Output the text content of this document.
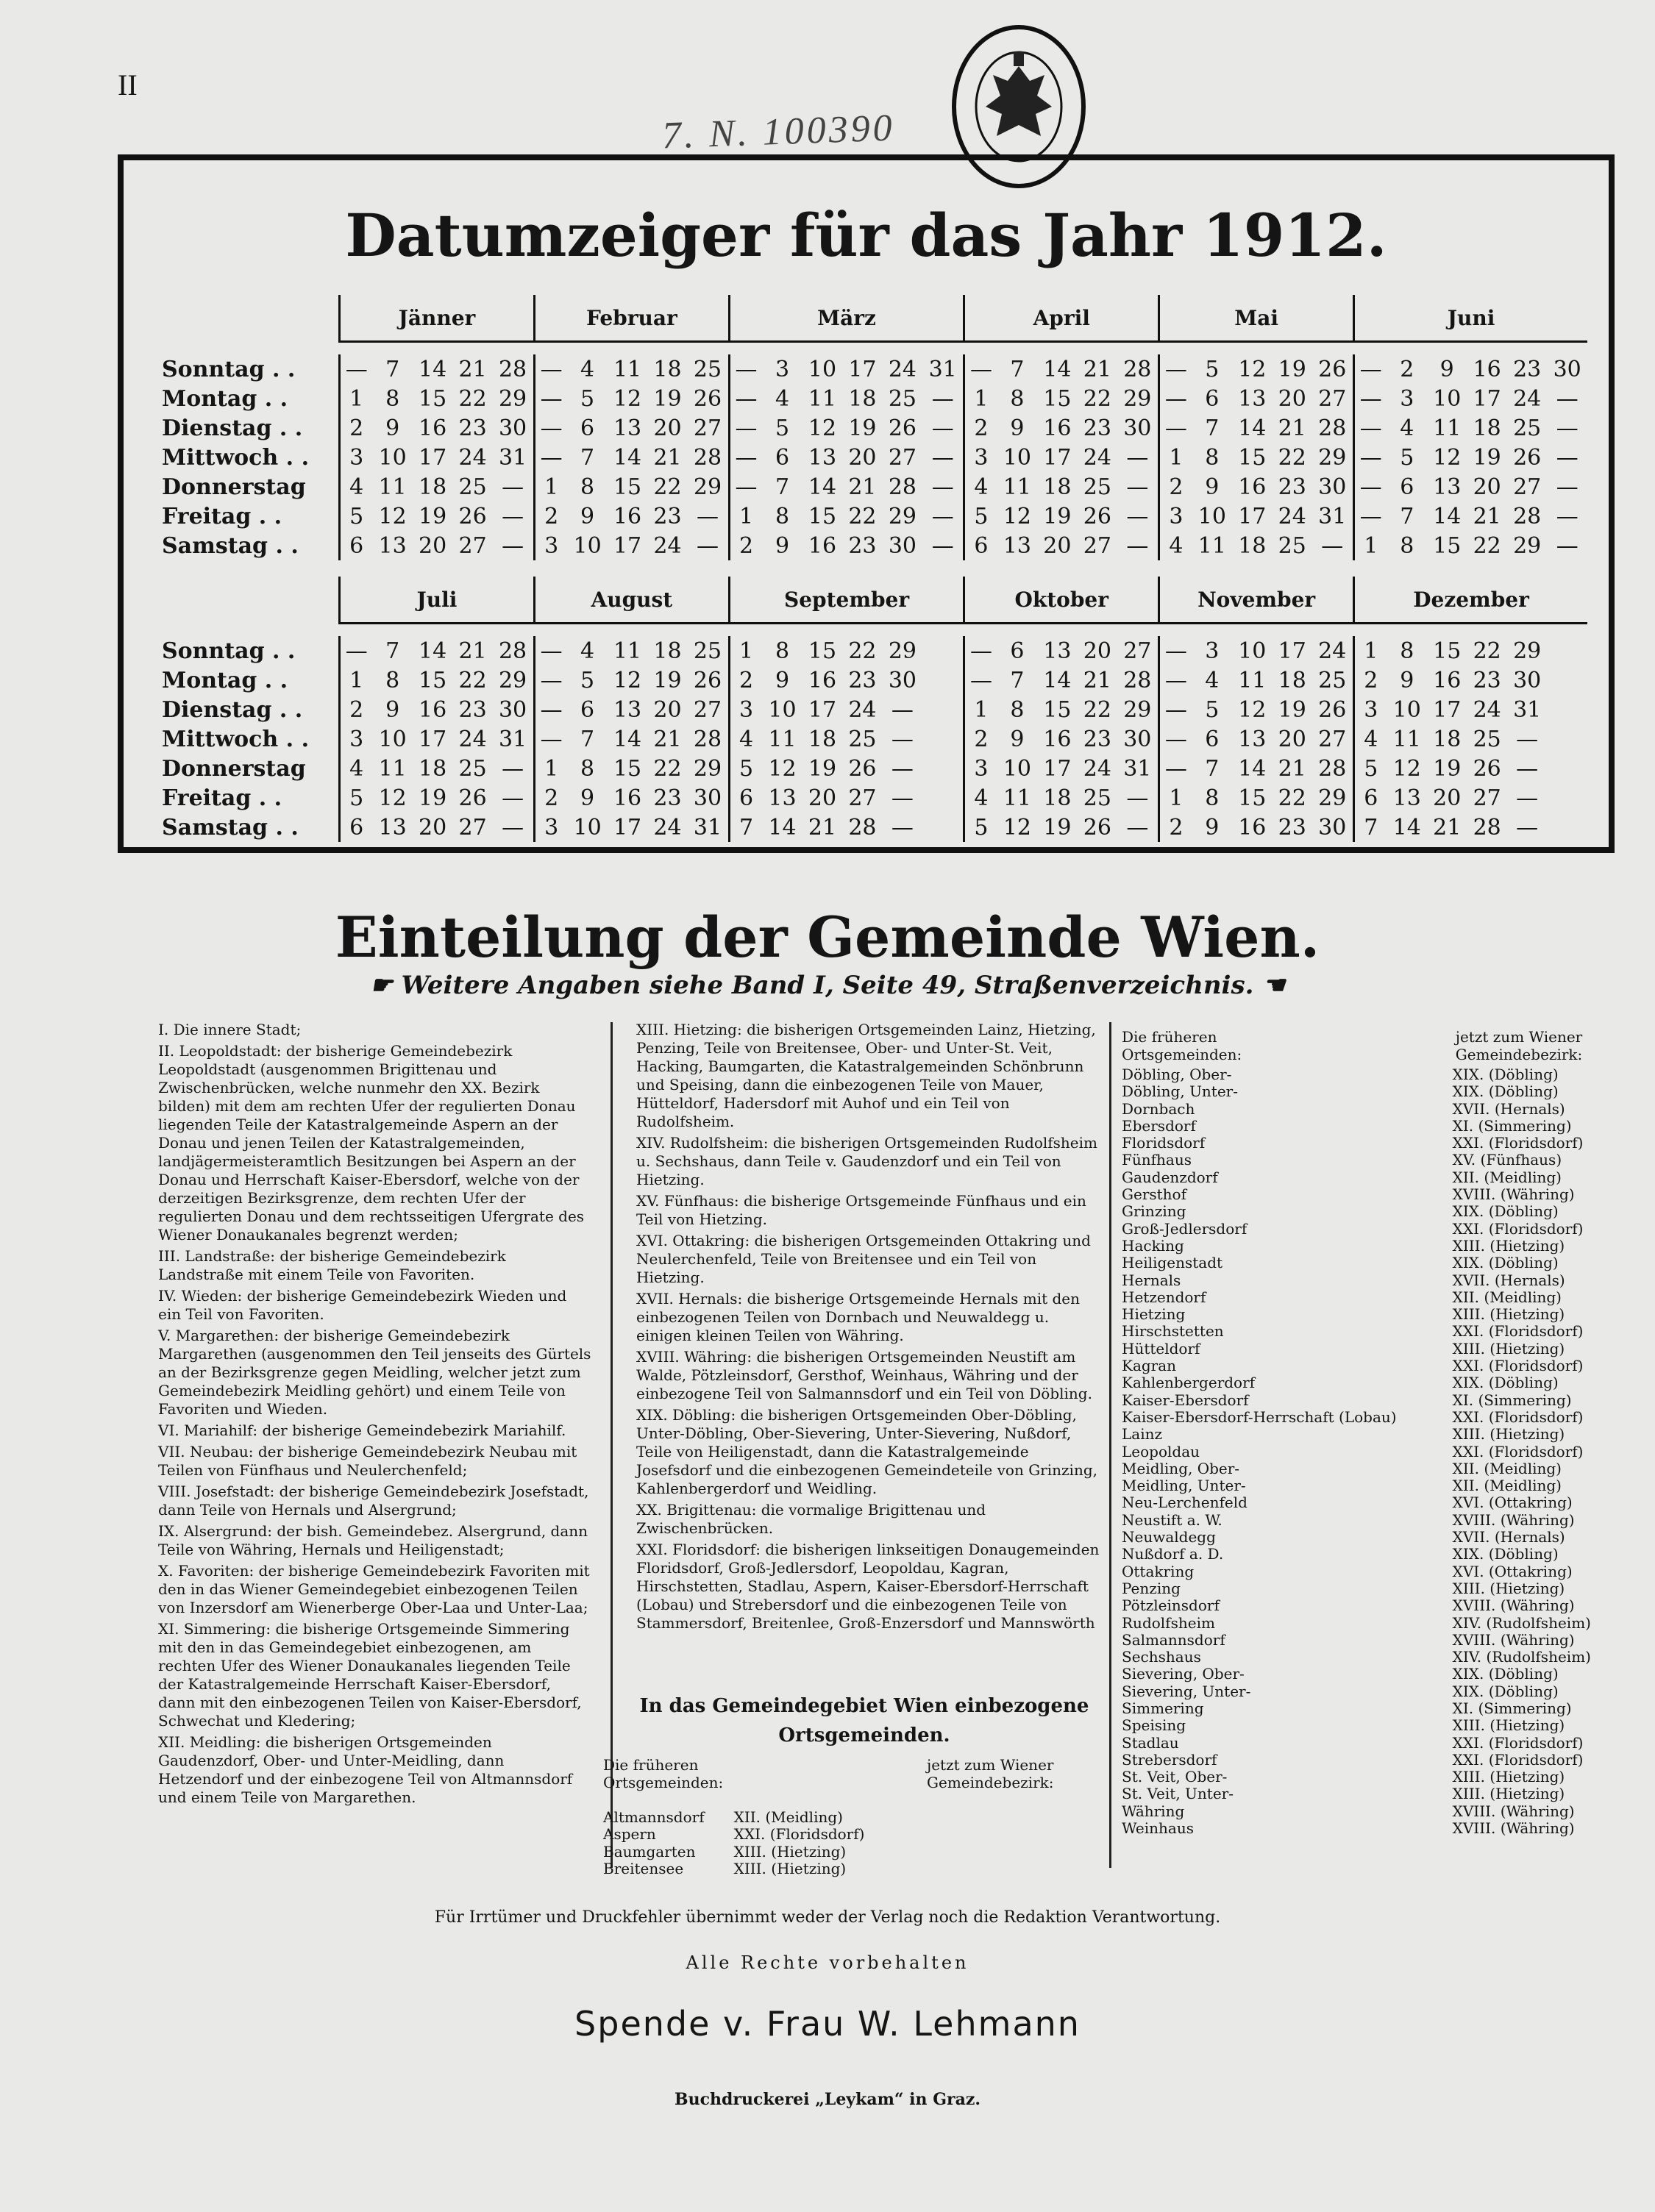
II
7. N. 100390
Datumzeiger für das Jahr 1912.
	Jänner						Februar						März						April						Mai						Juni					

Sonntag . .	—	7	14	21	28		—	4	11	18	25		—	3	10	17	24	31	—	7	14	21	28		—	5	12	19	26		—	2	9	16	23	30
Montag . .	1	8	15	22	29		—	5	12	19	26		—	4	11	18	25	—	1	8	15	22	29		—	6	13	20	27		—	3	10	17	24	—
Dienstag . .	2	9	16	23	30		—	6	13	20	27		—	5	12	19	26	—	2	9	16	23	30		—	7	14	21	28		—	4	11	18	25	—
Mittwoch . .	3	10	17	24	31		—	7	14	21	28		—	6	13	20	27	—	3	10	17	24	—		1	8	15	22	29		—	5	12	19	26	—
Donnerstag	4	11	18	25	—		1	8	15	22	29		—	7	14	21	28	—	4	11	18	25	—		2	9	16	23	30		—	6	13	20	27	—
Freitag . .	5	12	19	26	—		2	9	16	23	—		1	8	15	22	29	—	5	12	19	26	—		3	10	17	24	31		—	7	14	21	28	—
Samstag . .	6	13	20	27	—		3	10	17	24	—		2	9	16	23	30	—	6	13	20	27	—		4	11	18	25	—		1	8	15	22	29	—

	Juli						August						September						Oktober						November						Dezember					

Sonntag . .	—	7	14	21	28		—	4	11	18	25		1	8	15	22	29		—	6	13	20	27		—	3	10	17	24		1	8	15	22	29	
Montag . .	1	8	15	22	29		—	5	12	19	26		2	9	16	23	30		—	7	14	21	28		—	4	11	18	25		2	9	16	23	30	
Dienstag . .	2	9	16	23	30		—	6	13	20	27		3	10	17	24	—		1	8	15	22	29		—	5	12	19	26		3	10	17	24	31	
Mittwoch . .	3	10	17	24	31		—	7	14	21	28		4	11	18	25	—		2	9	16	23	30		—	6	13	20	27		4	11	18	25	—	
Donnerstag	4	11	18	25	—		1	8	15	22	29		5	12	19	26	—		3	10	17	24	31		—	7	14	21	28		5	12	19	26	—	
Freitag . .	5	12	19	26	—		2	9	16	23	30		6	13	20	27	—		4	11	18	25	—		1	8	15	22	29		6	13	20	27	—	
Samstag . .	6	13	20	27	—		3	10	17	24	31		7	14	21	28	—		5	12	19	26	—		2	9	16	23	30		7	14	21	28	—	
Einteilung der Gemeinde Wien.
☛ Weitere Angaben siehe Band I, Seite 49, Straßenverzeichnis. ☚

I. Die innere Stadt;

II. Leopoldstadt: der bisherige Gemeindebezirk Leopoldstadt (ausgenommen Brigittenau und Zwischenbrücken, welche nunmehr den XX. Bezirk bilden) mit dem am rechten Ufer der regulierten Donau liegenden Teile der Katastralgemeinde Aspern an der Donau und jenen Teilen der Katastralgemeinden, landjägermeisteramtlich Besitzungen bei Aspern an der Donau und Herrschaft Kaiser-Ebersdorf, welche von der derzeitigen Bezirksgrenze, dem rechten Ufer der regulierten Donau und dem rechtsseitigen Ufergrate des Wiener Donaukanales begrenzt werden;

III. Landstraße: der bisherige Gemeindebezirk Landstraße mit einem Teile von Favoriten.

IV. Wieden: der bisherige Gemeindebezirk Wieden und ein Teil von Favoriten.

V. Margarethen: der bisherige Gemeindebezirk Margarethen (ausgenommen den Teil jenseits des Gürtels an der Bezirksgrenze gegen Meidling, welcher jetzt zum Gemeindebezirk Meidling gehört) und einem Teile von Favoriten und Wieden.

VI. Mariahilf: der bisherige Gemeindebezirk Mariahilf.

VII. Neubau: der bisherige Gemeindebezirk Neubau mit Teilen von Fünfhaus und Neulerchenfeld;

VIII. Josefstadt: der bisherige Gemeindebezirk Josefstadt, dann Teile von Hernals und Alsergrund;

IX. Alsergrund: der bish. Gemeindebez. Alsergrund, dann Teile von Währing, Hernals und Heiligenstadt;

X. Favoriten: der bisherige Gemeindebezirk Favoriten mit den in das Wiener Gemeindegebiet einbezogenen Teilen von Inzersdorf am Wienerberge Ober-Laa und Unter-Laa;

XI. Simmering: die bisherige Ortsgemeinde Simmering mit den in das Gemeindegebiet einbezogenen, am rechten Ufer des Wiener Donaukanales liegenden Teile der Katastralgemeinde Herrschaft Kaiser-Ebersdorf, dann mit den einbezogenen Teilen von Kaiser-Ebersdorf, Schwechat und Kledering;

XII. Meidling: die bisherigen Ortsgemeinden Gaudenzdorf, Ober- und Unter-Meidling, dann Hetzendorf und der einbezogene Teil von Altmannsdorf und einem Teile von Margarethen.

XIII. Hietzing: die bisherigen Ortsgemeinden Lainz, Hietzing, Penzing, Teile von Breitensee, Ober- und Unter-St. Veit, Hacking, Baumgarten, die Katastralgemeinden Schönbrunn und Speising, dann die einbezogenen Teile von Mauer, Hütteldorf, Hadersdorf mit Auhof und ein Teil von Rudolfsheim.

XIV. Rudolfsheim: die bisherigen Ortsgemeinden Rudolfsheim u. Sechshaus, dann Teile v. Gaudenzdorf und ein Teil von Hietzing.

XV. Fünfhaus: die bisherige Ortsgemeinde Fünfhaus und ein Teil von Hietzing.

XVI. Ottakring: die bisherigen Ortsgemeinden Ottakring und Neulerchenfeld, Teile von Breitensee und ein Teil von Hietzing.

XVII. Hernals: die bisherige Ortsgemeinde Hernals mit den einbezogenen Teilen von Dornbach und Neuwaldegg u. einigen kleinen Teilen von Währing.

XVIII. Währing: die bisherigen Ortsgemeinden Neustift am Walde, Pötzleinsdorf, Gersthof, Weinhaus, Währing und der einbezogene Teil von Salmannsdorf und ein Teil von Döbling.

XIX. Döbling: die bisherigen Ortsgemeinden Ober-Döbling, Unter-Döbling, Ober-Sievering, Unter-Sievering, Nußdorf, Teile von Heiligenstadt, dann die Katastralgemeinde Josefsdorf und die einbezogenen Gemeindeteile von Grinzing, Kahlenbergerdorf und Weidling.

XX. Brigittenau: die vormalige Brigittenau und Zwischenbrücken.

XXI. Floridsdorf: die bisherigen linkseitigen Donaugemeinden Floridsdorf, Groß-Jedlersdorf, Leopoldau, Kagran, Hirschstetten, Stadlau, Aspern, Kaiser-Ebersdorf-Herrschaft (Lobau) und Strebersdorf und die einbezogenen Teile von Stammersdorf, Breitenlee, Groß-Enzersdorf und Mannswörth

In das Gemeindegebiet Wien einbezogene Ortsgemeinden.
Die früheren Ortsgemeinden:
jetzt zum Wiener Gemeindebezirk:
Altmannsdorf	XII. (Meidling)
Aspern	XXI. (Floridsdorf)
Baumgarten	XIII. (Hietzing)
Breitensee	XIII. (Hietzing)
Die früheren Ortsgemeinden:
jetzt zum Wiener Gemeindebezirk:
Döbling, Ober-	XIX. (Döbling)
Döbling, Unter-	XIX. (Döbling)
Dornbach	XVII. (Hernals)
Ebersdorf	XI. (Simmering)
Floridsdorf	XXI. (Floridsdorf)
Fünfhaus	XV. (Fünfhaus)
Gaudenzdorf	XII. (Meidling)
Gersthof	XVIII. (Währing)
Grinzing	XIX. (Döbling)
Groß-Jedlersdorf	XXI. (Floridsdorf)
Hacking	XIII. (Hietzing)
Heiligenstadt	XIX. (Döbling)
Hernals	XVII. (Hernals)
Hetzendorf	XII. (Meidling)
Hietzing	XIII. (Hietzing)
Hirschstetten	XXI. (Floridsdorf)
Hütteldorf	XIII. (Hietzing)
Kagran	XXI. (Floridsdorf)
Kahlenbergerdorf	XIX. (Döbling)
Kaiser-Ebersdorf	XI. (Simmering)
Kaiser-Ebersdorf-Herrschaft (Lobau)	XXI. (Floridsdorf)
Lainz	XIII. (Hietzing)
Leopoldau	XXI. (Floridsdorf)
Meidling, Ober-	XII. (Meidling)
Meidling, Unter-	XII. (Meidling)
Neu-Lerchenfeld	XVI. (Ottakring)
Neustift a. W.	XVIII. (Währing)
Neuwaldegg	XVII. (Hernals)
Nußdorf a. D.	XIX. (Döbling)
Ottakring	XVI. (Ottakring)
Penzing	XIII. (Hietzing)
Pötzleinsdorf	XVIII. (Währing)
Rudolfsheim	XIV. (Rudolfsheim)
Salmannsdorf	XVIII. (Währing)
Sechshaus	XIV. (Rudolfsheim)
Sievering, Ober-	XIX. (Döbling)
Sievering, Unter-	XIX. (Döbling)
Simmering	XI. (Simmering)
Speising	XIII. (Hietzing)
Stadlau	XXI. (Floridsdorf)
Strebersdorf	XXI. (Floridsdorf)
St. Veit, Ober-	XIII. (Hietzing)
St. Veit, Unter-	XIII. (Hietzing)
Währing	XVIII. (Währing)
Weinhaus	XVIII. (Währing)
Für Irrtümer und Druckfehler übernimmt weder der Verlag noch die Redaktion Verantwortung.
Alle Rechte vorbehalten
Spende v. Frau W. Lehmann
Buchdruckerei „Leykam“ in Graz.
